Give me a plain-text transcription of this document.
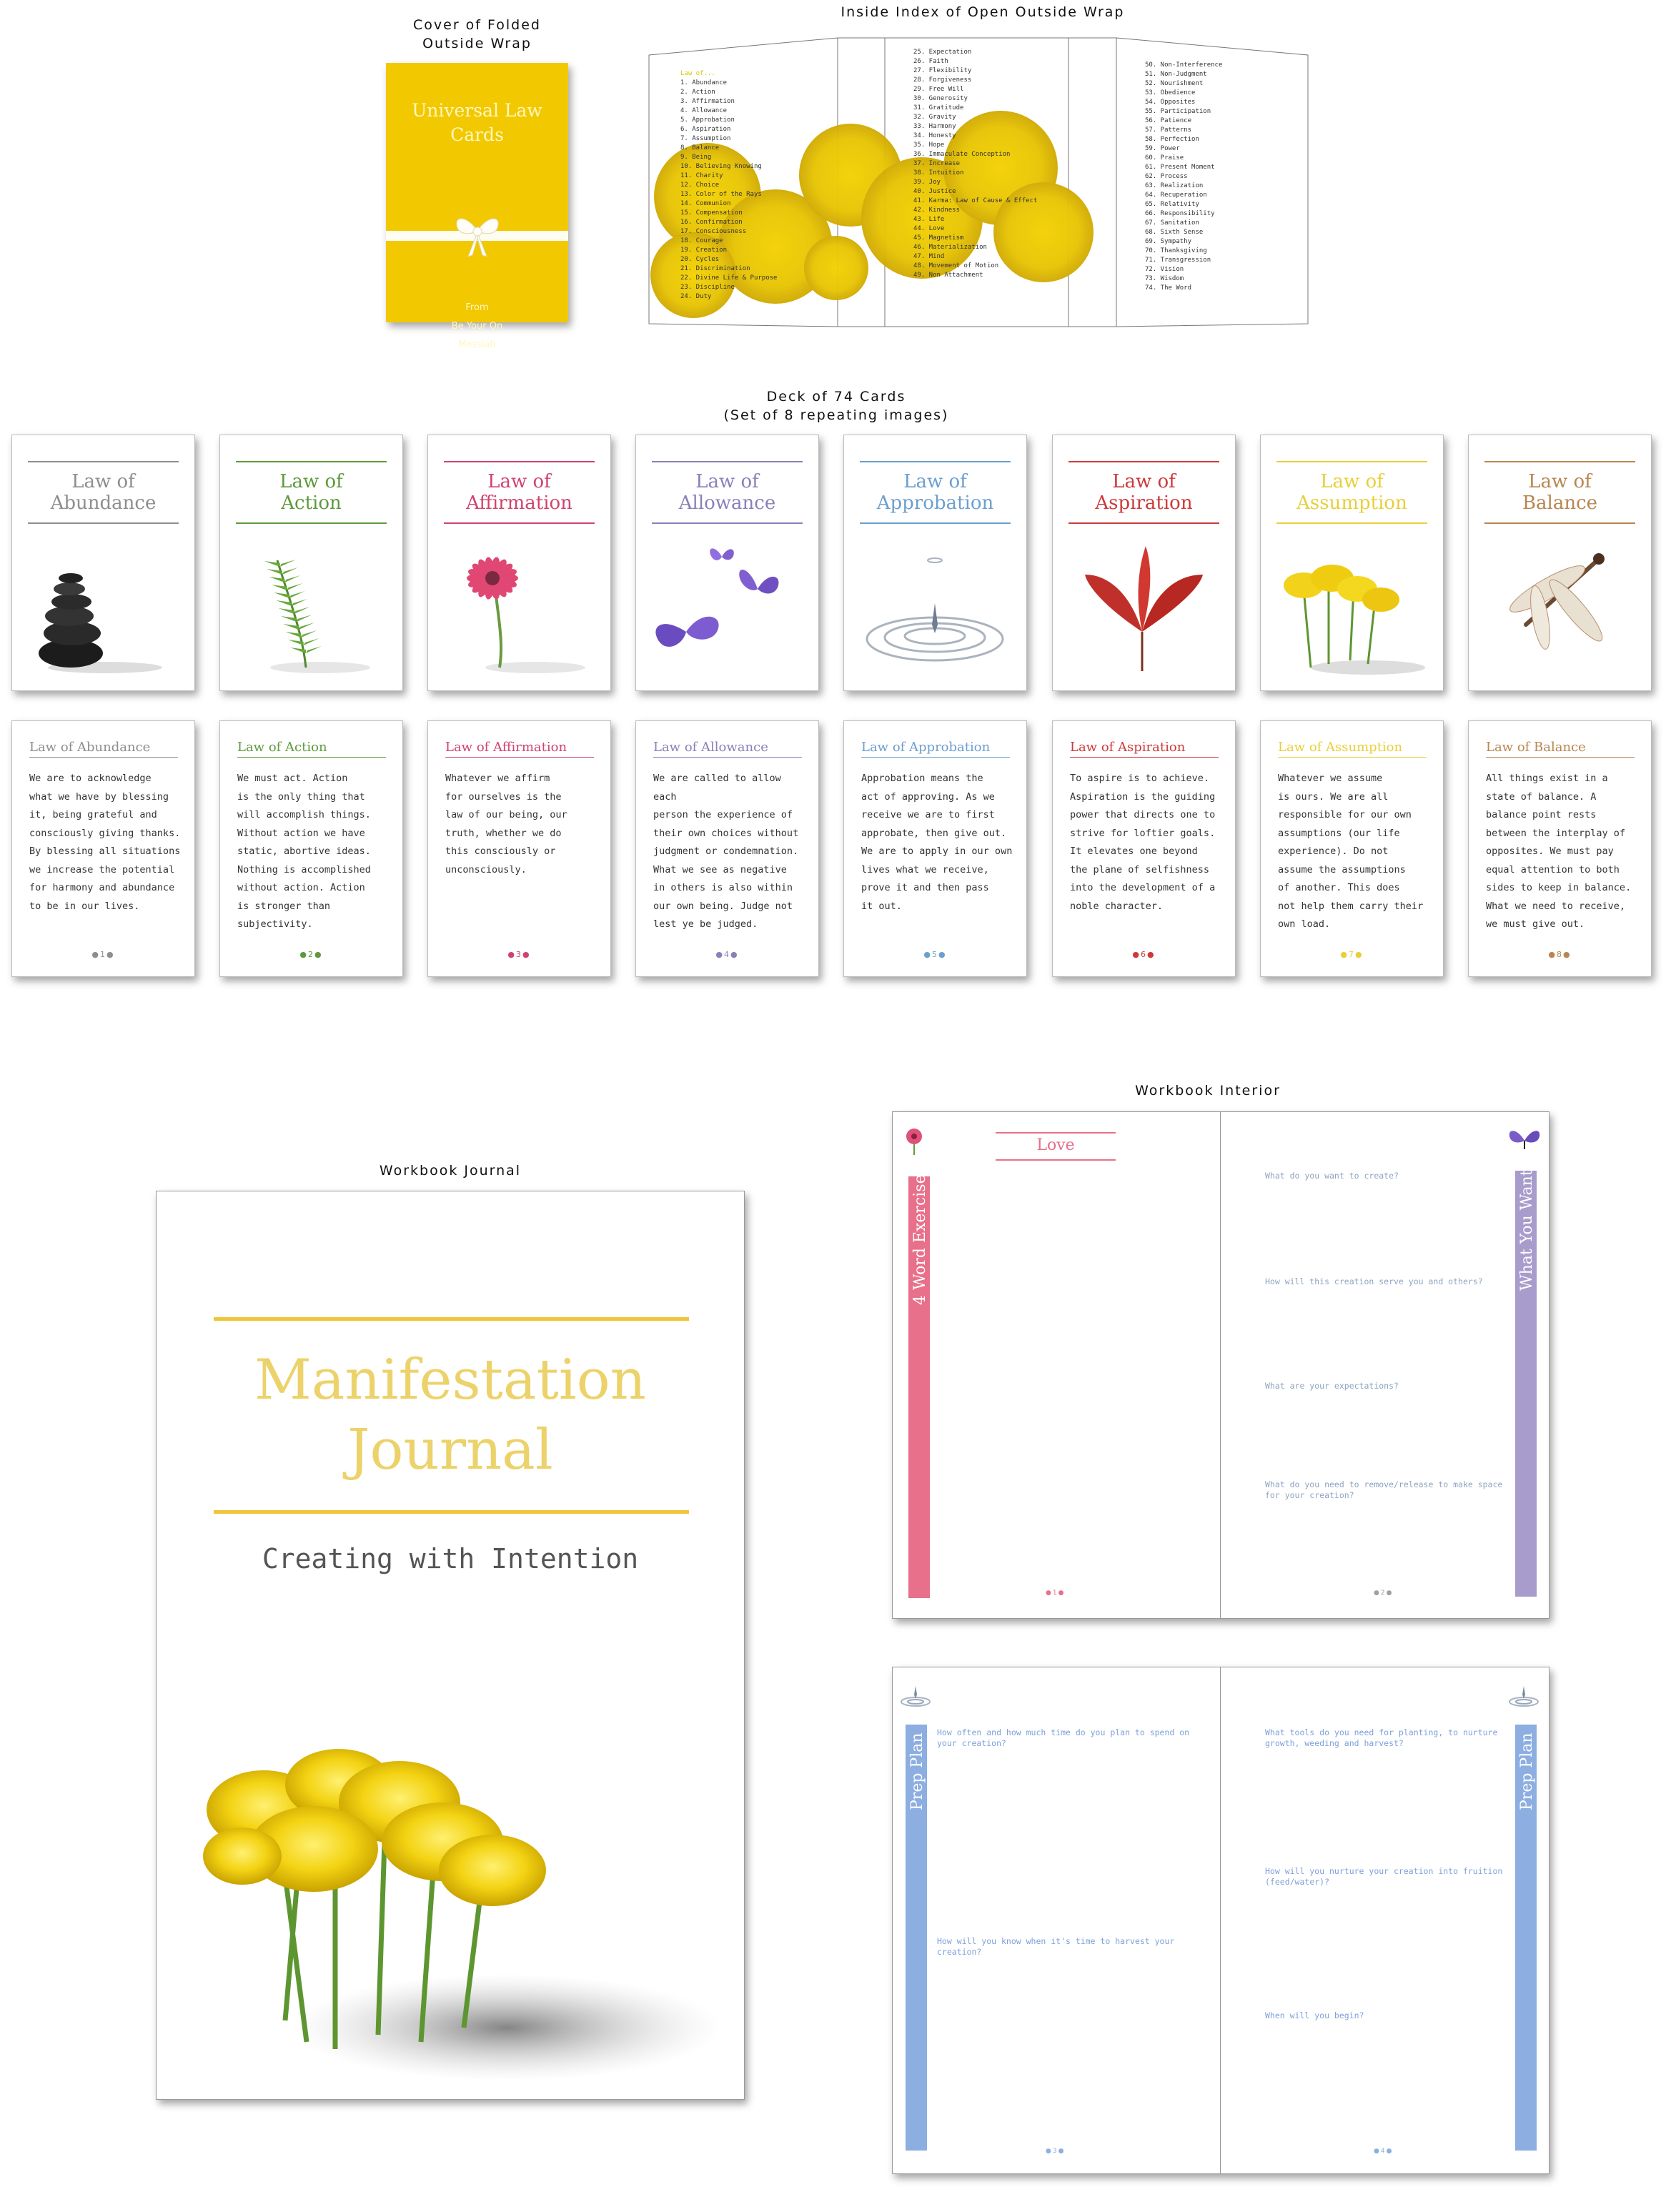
Cover of Folded
Outside Wrap
Inside Index of Open Outside Wrap
Deck of 74 Cards
(Set of 8 repeating images)
Workbook Journal
Workbook Interior
Universal Law
Cards
From
Be Your On
Messiah
●●●
Law of...
1. Abundance
2. Action
3. Affirmation
4. Allowance
5. Approbation
6. Aspiration
7. Assumption
8. Balance
9. Being
10. Believing Knowing
11. Charity
12. Choice
13. Color of the Rays
14. Communion
15. Compensation
16. Confirmation
17. Consciousness
18. Courage
19. Creation
20. Cycles
21. Discrimination
22. Divine Life & Purpose
23. Discipline
24. Duty
25. Expectation
26. Faith
27. Flexibility
28. Forgiveness
29. Free Will
30. Generosity
31. Gratitude
32. Gravity
33. Harmony
34. Honesty
35. Hope
36. Immaculate Conception
37. Increase
38. Intuition
39. Joy
40. Justice
41. Karma: Law of Cause & Effect
42. Kindness
43. Life
44. Love
45. Magnetism
46. Materialization
47. Mind
48. Movement of Motion
49. Non Attachment
50. Non-Interference
51. Non-Judgment
52. Nourishment
53. Obedience
54. Opposites
55. Participation
56. Patience
57. Patterns
58. Perfection
59. Power
60. Praise
61. Present Moment
62. Process
63. Realization
64. Recuperation
65. Relativity
66. Responsibility
67. Sanitation
68. Sixth Sense
69. Sympathy
70. Thanksgiving
71. Transgression
72. Vision
73. Wisdom
74. The Word
Law of
Abundance
Law of
Action
Law of
Affirmation
Law of
Allowance
Law of
Approbation
Law of
Aspiration
Law of
Assumption
Law of
Balance
Law of Abundance
We are to acknowledge
what we have by blessing
it, being grateful and
consciously giving thanks.
By blessing all situations
we increase the potential
for harmony and abundance
to be in our lives.
●1●
Law of Action
We must act. Action
is the only thing that
will accomplish things.
Without action we have
static, abortive ideas.
Nothing is accomplished
without action. Action
is stronger than
subjectivity.
●2●
Law of Affirmation
Whatever we affirm
for ourselves is the
law of our being, our
truth, whether we do
this consciously or
unconsciously.
●3●
Law of Allowance
We are called to allow each
person the experience of
their own choices without
judgment or condemnation.
What we see as negative
in others is also within
our own being. Judge not
lest ye be judged.
●4●
Law of Approbation
Approbation means the
act of approving. As we
receive we are to first
approbate, then give out.
We are to apply in our own
lives what we receive,
prove it and then pass
it out.
●5●
Law of Aspiration
To aspire is to achieve.
Aspiration is the guiding
power that directs one to
strive for loftier goals.
It elevates one beyond
the plane of selfishness
into the development of a
noble character.
●6●
Law of Assumption
Whatever we assume
is ours. We are all
responsible for our own
assumptions (our life
experience). Do not
assume the assumptions
of another. This does
not help them carry their
own load.
●7●
Law of Balance
All things exist in a
state of balance. A
balance point rests
between the interplay of
opposites. We must pay
equal attention to both
sides to keep in balance.
What we need to receive,
we must give out.
●8●
Manifestation
Journal
Creating with Intention
4 Word Exercise
Love
●1●
What do you want to create?
How will this creation serve you and others?
What are your expectations?
What do you need to remove/release to make space
for your creation?
What You Want
●2●
Prep Plan
How often and how much time do you plan to spend on
your creation?
How will you know when it's time to harvest your
creation?
●3●
What tools do you need for planting, to nurture
growth, weeding and harvest?
How will you nurture your creation into fruition
(feed/water)?
When will you begin?
Prep Plan
●4●
